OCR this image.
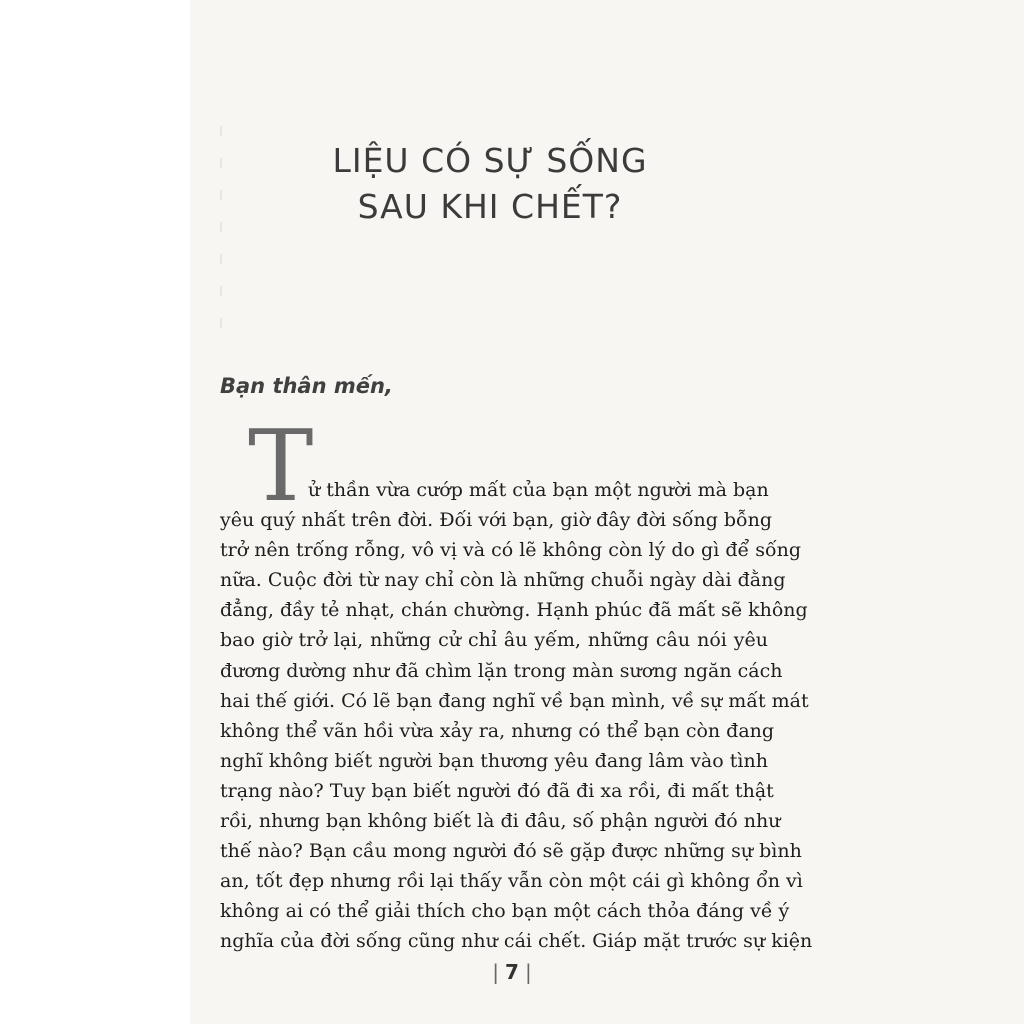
LIỆU CÓ SỰ SỐNG
SAU KHI CHẾT?

Bạn thân mến,

T
ử thần vừa cướp mất của bạn một người mà bạn
yêu quý nhất trên đời. Đối với bạn, giờ đây đời sống bỗng
trở nên trống rỗng, vô vị và có lẽ không còn lý do gì để sống
nữa. Cuộc đời từ nay chỉ còn là những chuỗi ngày dài đằng
đẳng, đầy tẻ nhạt, chán chường. Hạnh phúc đã mất sẽ không
bao giờ trở lại, những cử chỉ âu yếm, những câu nói yêu
đương dường như đã chìm lặn trong màn sương ngăn cách
hai thế giới. Có lẽ bạn đang nghĩ về bạn mình, về sự mất mát
không thể vãn hồi vừa xảy ra, nhưng có thể bạn còn đang
nghĩ không biết người bạn thương yêu đang lâm vào tình
trạng nào? Tuy bạn biết người đó đã đi xa rồi, đi mất thật
rồi, nhưng bạn không biết là đi đâu, số phận người đó như
thế nào? Bạn cầu mong người đó sẽ gặp được những sự bình
an, tốt đẹp nhưng rồi lại thấy vẫn còn một cái gì không ổn vì
không ai có thể giải thích cho bạn một cách thỏa đáng về ý
nghĩa của đời sống cũng như cái chết. Giáp mặt trước sự kiện
| 7 |
